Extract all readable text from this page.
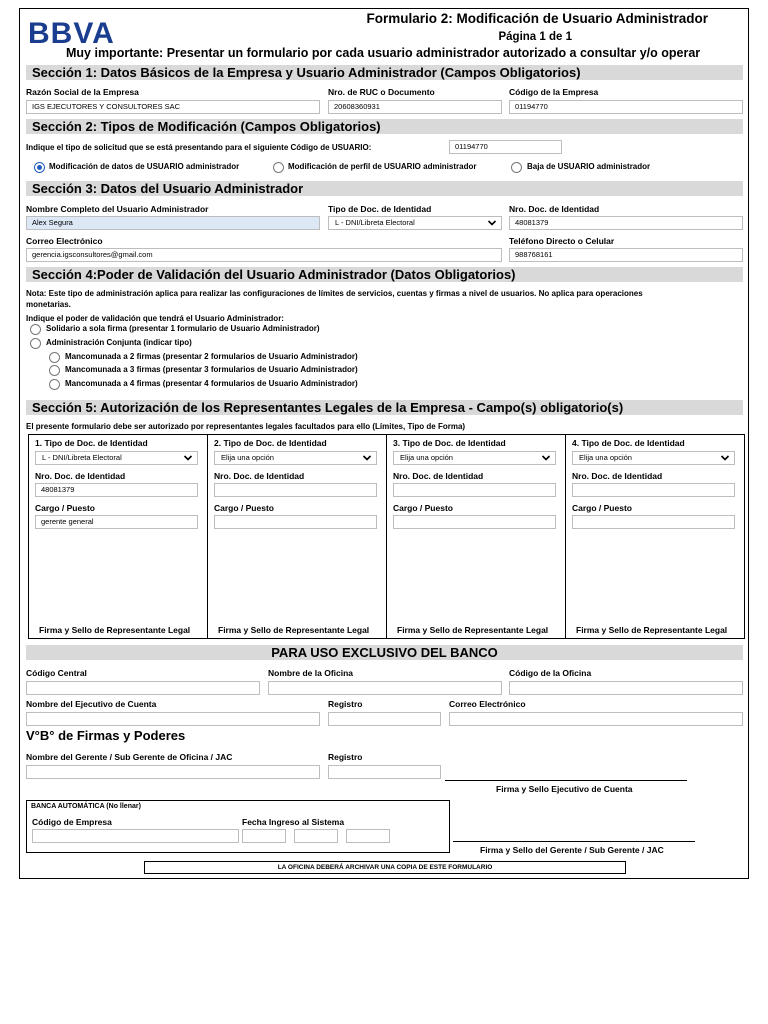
BBVA	Formulario 2: Modificación de Usuario Administrador
Página 1 de 1
Muy importante: Presentar un formulario por cada usuario administrador autorizado a consultar y/o operar
Sección 1: Datos Básicos de la Empresa y Usuario Administrador (Campos Obligatorios)
Razón Social de la Empresa
IGS EJECUTORES Y CONSULTORES SAC
Nro. de RUC o Documento
20608360931
Código de la Empresa
01194770
Sección 2: Tipos de Modificación (Campos Obligatorios)
Indique el tipo de solicitud que se está presentando para el siguiente Código de USUARIO:	01194770
Modificación de datos de USUARIO administrador	Modificación de perfil de USUARIO administrador	Baja de USUARIO administrador
Sección 3: Datos del Usuario Administrador
Nombre Completo del Usuario Administrador
Alex Segura
Tipo de Doc. de Identidad
L - DNI/Libreta Electoral
Nro. Doc. de Identidad
48081379
Correo Electrónico
gerencia.igsconsultores@gmail.com
Teléfono Directo o Celular
988768161
Sección 4:Poder de Validación del Usuario Administrador (Datos Obligatorios)
Nota: Este tipo de administración aplica para realizar las configuraciones de límites de servicios, cuentas y firmas a nivel de usuarios. No aplica para operaciones
monetarias.
Indique el poder de validación que tendrá el Usuario Administrador:
Solidario a sola firma (presentar 1 formulario de Usuario Administrador)
Administración Conjunta (indicar tipo)
Mancomunada a 2 firmas (presentar 2 formularios de Usuario Administrador)
Mancomunada a 3 firmas (presentar 3 formularios de Usuario Administrador)
Mancomunada a 4 firmas (presentar 4 formularios de Usuario Administrador)
Sección 5: Autorización de los Representantes Legales de la Empresa - Campo(s) obligatorio(s)
El presente formulario debe ser autorizado por representantes legales facultados para ello (Límites, Tipo de Forma)
1. Tipo de Doc. de Identidad
L - DNI/Libreta Electoral
Nro. Doc. de Identidad
48081379
Cargo / Puesto
gerente general
Firma y Sello de Representante Legal
2. Tipo de Doc. de Identidad
Elija una opción
Nro. Doc. de Identidad
Cargo / Puesto
Firma y Sello de Representante Legal
3. Tipo de Doc. de Identidad
Elija una opción
Nro. Doc. de Identidad
Cargo / Puesto
Firma y Sello de Representante Legal
4. Tipo de Doc. de Identidad
Elija una opción
Nro. Doc. de Identidad
Cargo / Puesto
Firma y Sello de Representante Legal
PARA USO EXCLUSIVO DEL BANCO
Código Central	Nombre de la Oficina	Código de la Oficina
Nombre del Ejecutivo de Cuenta	Registro	Correo Electrónico
V°B° de Firmas y Poderes
Nombre del Gerente / Sub Gerente de Oficina / JAC	Registro
Firma y Sello Ejecutivo de Cuenta
BANCA AUTOMÁTICA (No llenar)
Código de Empresa	Fecha Ingreso al Sistema
Firma y Sello del Gerente / Sub Gerente / JAC
LA OFICINA DEBERÁ ARCHIVAR UNA COPIA DE ESTE FORMULARIO
